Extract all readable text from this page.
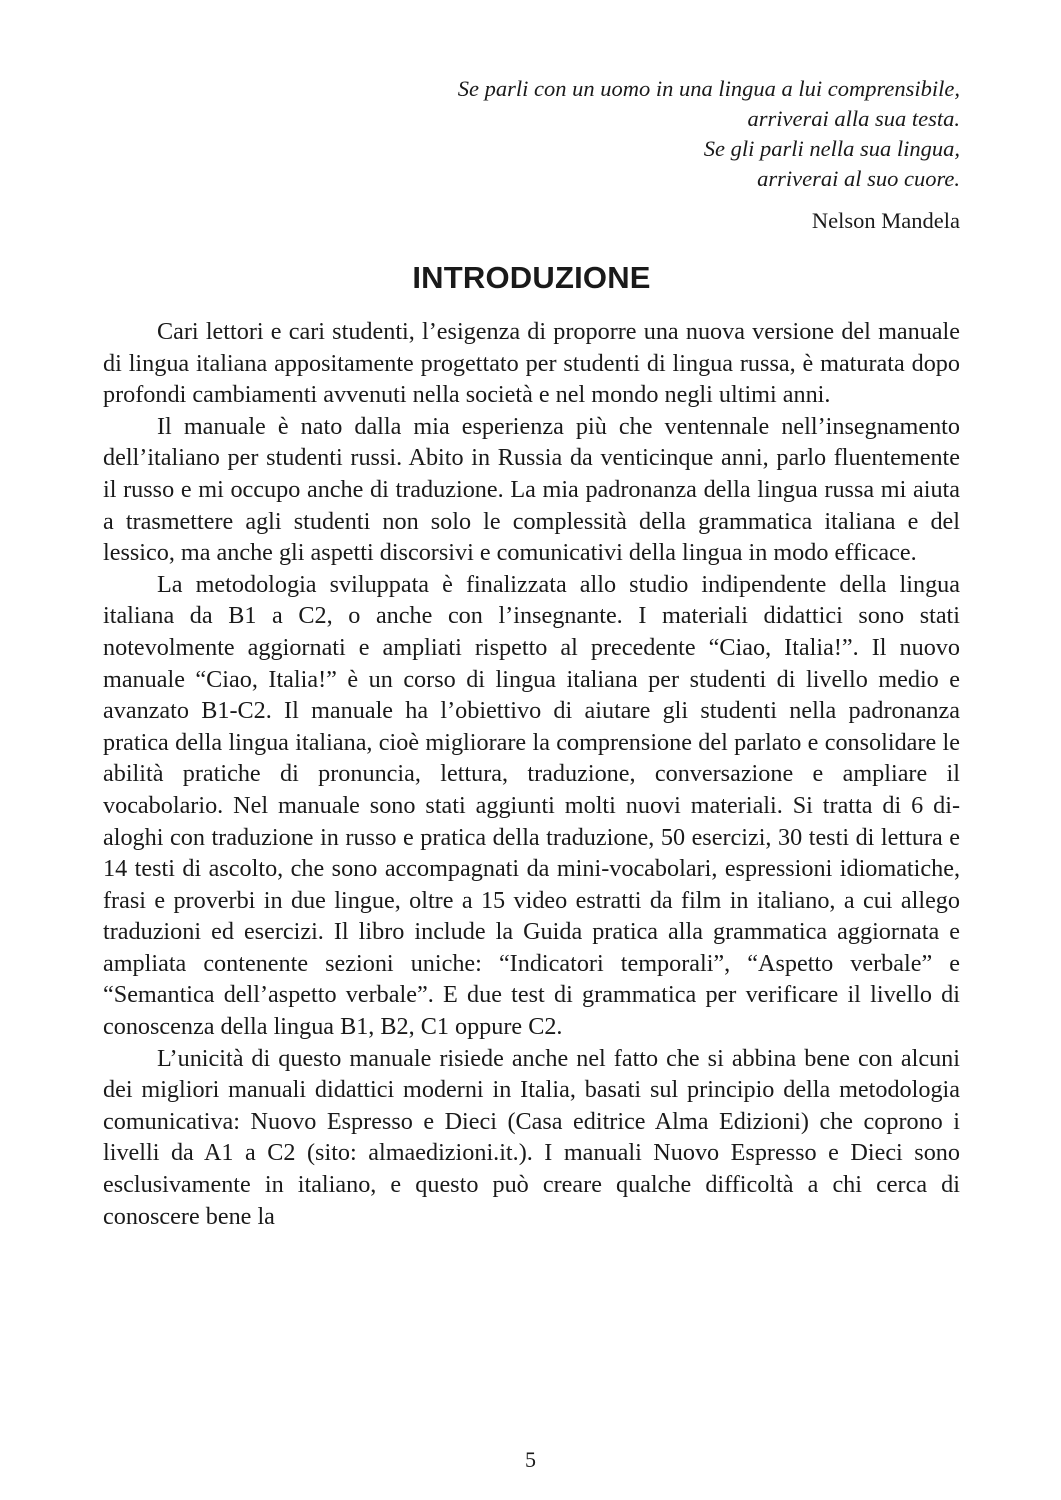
Se parli con un uomo in una lingua a lui comprensibile,
arriverai alla sua testa.
Se gli parli nella sua lingua,
arriverai al suo cuore.
Nelson Mandela
INTRODUZIONE

Cari lettori e cari studenti, l’esigenza di proporre una nuova versione del manuale di lingua italiana appositamente progettato per studenti di lingua russa, è maturata dopo profondi cambiamenti avvenuti nella società e nel mondo negli ultimi anni.

Il manuale è nato dalla mia esperienza più che ventennale nell’insegnamento dell’italiano per studenti russi. Abito in Russia da venticinque anni, parlo fluentemente il russo e mi occupo anche di traduzione. La mia padronanza della lingua russa mi aiuta a trasmettere agli studenti non solo le complessità della grammatica italiana e del lessico, ma anche gli aspetti discorsivi e comunicativi della lingua in modo efficace.

La metodologia sviluppata è finalizzata allo studio indipendente della lingua italiana da B1 a C2, o anche con l’insegnante. I materiali didattici sono stati notevolmente aggiornati e ampliati rispetto al precedente “Ciao, Italia!”. Il nuovo manuale “Ciao, Italia!” è un corso di lingua italiana per studenti di livello medio e avanzato B1-C2. Il manuale ha l’obiettivo di aiutare gli studenti nella padronanza pratica della lingua italiana, cioè migliorare la comprensione del parlato e consolidare le abilità pratiche di pronuncia, lettura, traduzione, conversazione e ampliare il vocabolario. Nel manuale sono stati aggiunti molti nuovi materiali. Si tratta di 6 dialoghi con traduzione in russo e pratica della traduzione, 50 esercizi, 30 testi di lettura e 14 testi di ascolto, che sono accompagnati da mini-vocabolari, espressioni idiomatiche, frasi e proverbi in due lingue, oltre a 15 video estratti da film in italiano, a cui allego traduzioni ed esercizi. Il libro include la Guida pratica alla grammatica aggiornata e ampliata contenente sezioni uniche: “Indicatori temporali”, “Aspetto verbale” e “Semantica dell’aspetto verbale”. E due test di grammatica per verificare il livello di conoscenza della lingua B1, B2, C1 oppure C2.

L’unicità di questo manuale risiede anche nel fatto che si abbina bene con alcuni dei migliori manuali didattici moderni in Italia, basati sul principio della metodologia comunicativa: Nuovo Espresso e Dieci (Casa editrice Alma Edizioni) che coprono i livelli da A1 a C2 (sito: almaedizioni.it.). I manuali Nuovo Espresso e Dieci sono esclusivamente in italiano, e questo può creare qualche difficoltà a chi cerca di conoscere bene la

5
